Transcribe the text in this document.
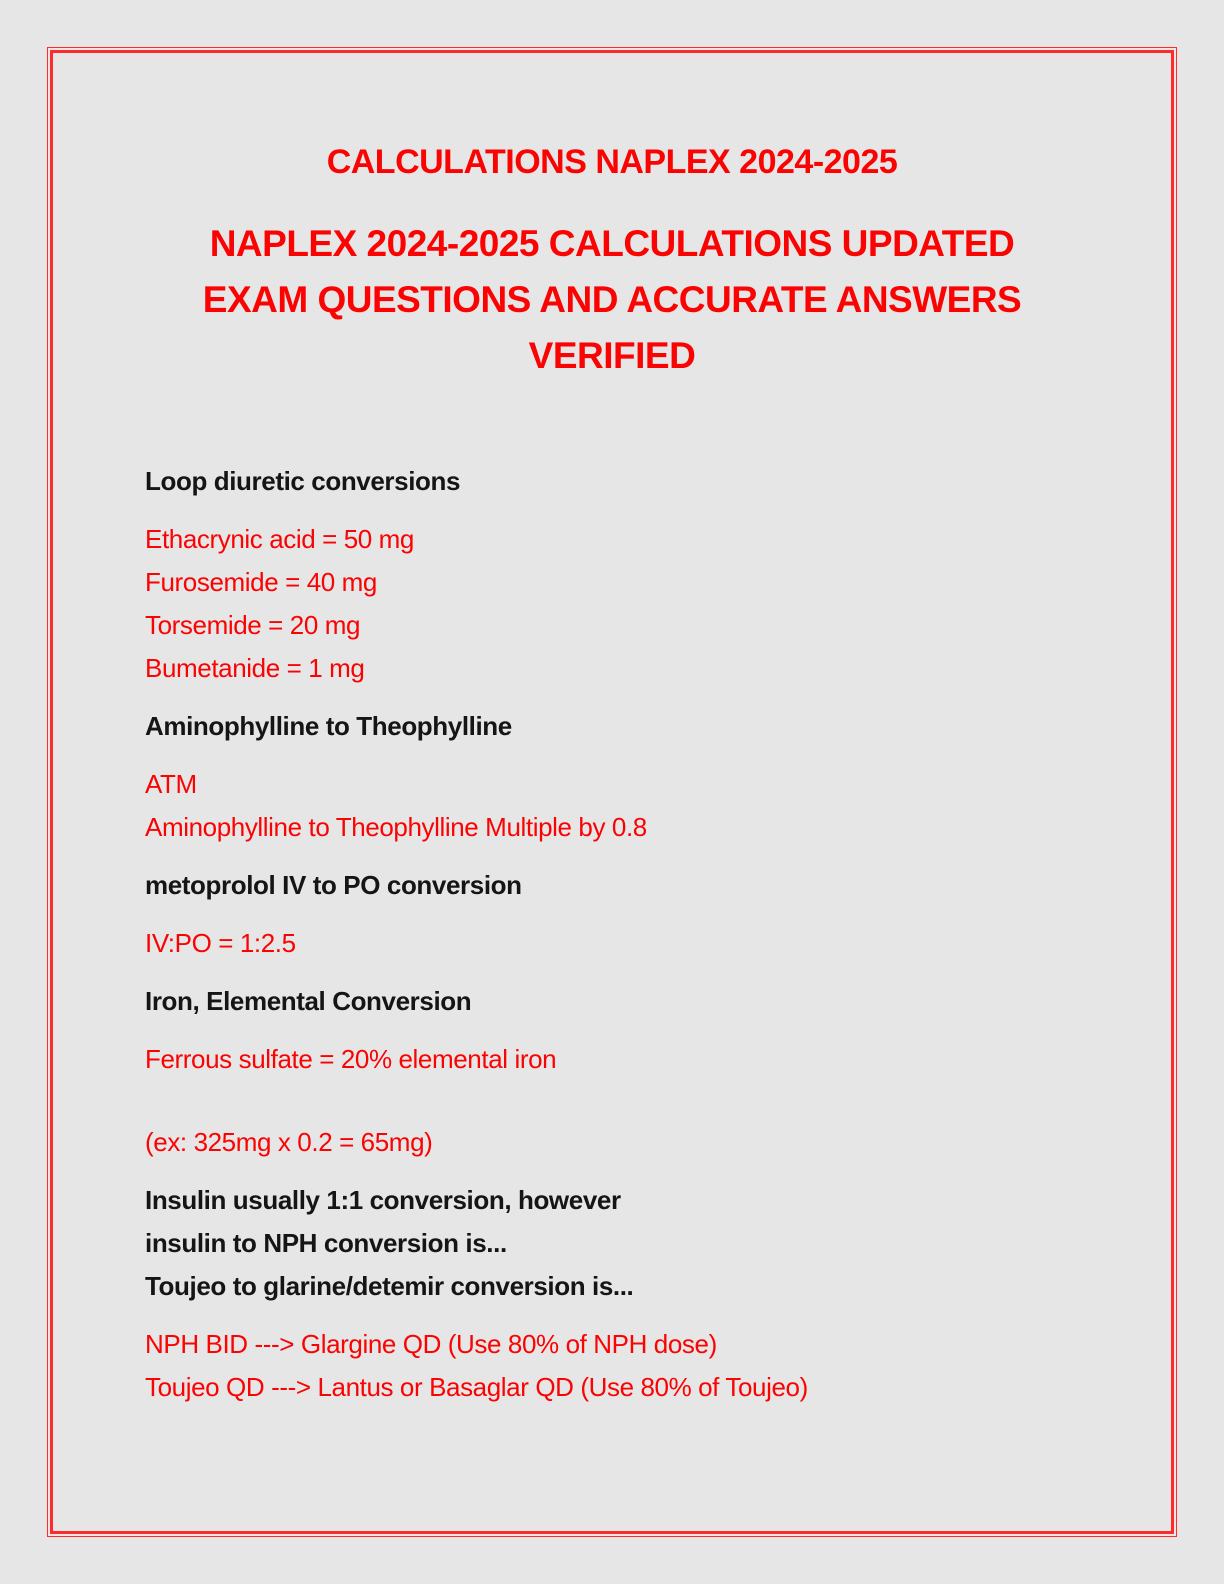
CALCULATIONS NAPLEX 2024-2025
NAPLEX 2024-2025 CALCULATIONS UPDATED
EXAM QUESTIONS AND ACCURATE ANSWERS
VERIFIED

Loop diuretic conversions

Ethacrynic acid = 50 mg
Furosemide = 40 mg
Torsemide = 20 mg
Bumetanide = 1 mg

Aminophylline to Theophylline

ATM
Aminophylline to Theophylline Multiple by 0.8

metoprolol IV to PO conversion

IV:PO = 1:2.5

Iron, Elemental Conversion

Ferrous sulfate = 20% elemental iron

(ex: 325mg x 0.2 = 65mg)

Insulin usually 1:1 conversion, however
insulin to NPH conversion is...
Toujeo to glarine/detemir conversion is...

NPH BID ---> Glargine QD (Use 80% of NPH dose)
Toujeo QD ---> Lantus or Basaglar QD (Use 80% of Toujeo)
